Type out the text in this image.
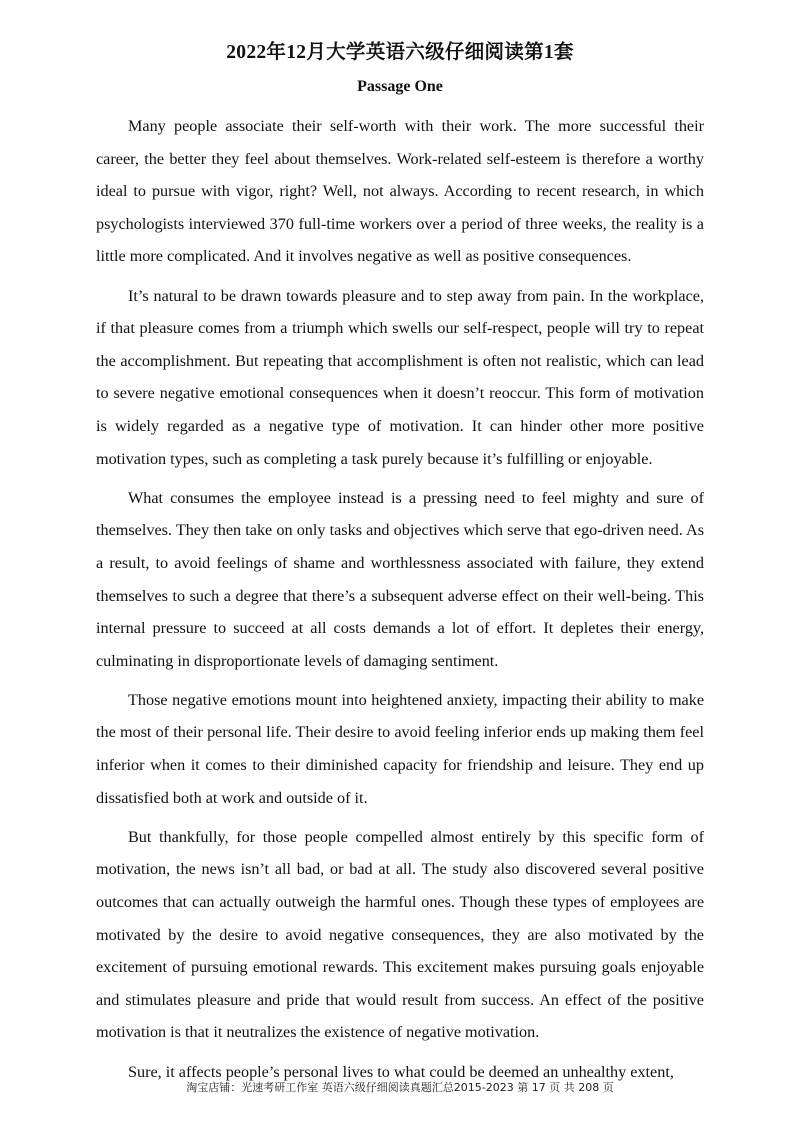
2022年12月大学英语六级仔细阅读第1套
Passage One

Many people associate their self-worth with their work. The more successful their career, the better they feel about themselves. Work-related self-esteem is therefore a worthy ideal to pursue with vigor, right? Well, not always. According to recent research, in which psychologists interviewed 370 full-time workers over a period of three weeks, the reality is a little more complicated. And it involves negative as well as positive consequences.

It’s natural to be drawn towards pleasure and to step away from pain. In the workplace, if that pleasure comes from a triumph which swells our self-respect, people will try to repeat the accomplishment. But repeating that accomplishment is often not realistic, which can lead to severe negative emotional consequences when it doesn’t reoccur. This form of motivation is widely regarded as a negative type of motivation. It can hinder other more positive motivation types, such as completing a task purely because it’s fulfilling or enjoyable.

What consumes the employee instead is a pressing need to feel mighty and sure of themselves. They then take on only tasks and objectives which serve that ego-driven need. As a result, to avoid feelings of shame and worthlessness associated with failure, they extend themselves to such a degree that there’s a subsequent adverse effect on their well-being. This internal pressure to succeed at all costs demands a lot of effort. It depletes their energy, culminating in disproportionate levels of damaging sentiment.

Those negative emotions mount into heightened anxiety, impacting their ability to make the most of their personal life. Their desire to avoid feeling inferior ends up making them feel inferior when it comes to their diminished capacity for friendship and leisure. They end up dissatisfied both at work and outside of it.

But thankfully, for those people compelled almost entirely by this specific form of motivation, the news isn’t all bad, or bad at all. The study also discovered several positive outcomes that can actually outweigh the harmful ones. Though these types of employees are motivated by the desire to avoid negative consequences, they are also motivated by the excitement of pursuing emotional rewards. This excitement makes pursuing goals enjoyable and stimulates pleasure and pride that would result from success. An effect of the positive motivation is that it neutralizes the existence of negative motivation.

Sure, it affects people’s personal lives to what could be deemed an unhealthy extent,

淘宝店铺：光速考研工作室 英语六级仔细阅读真题汇总2015-2023 第 17 页 共 208 页
